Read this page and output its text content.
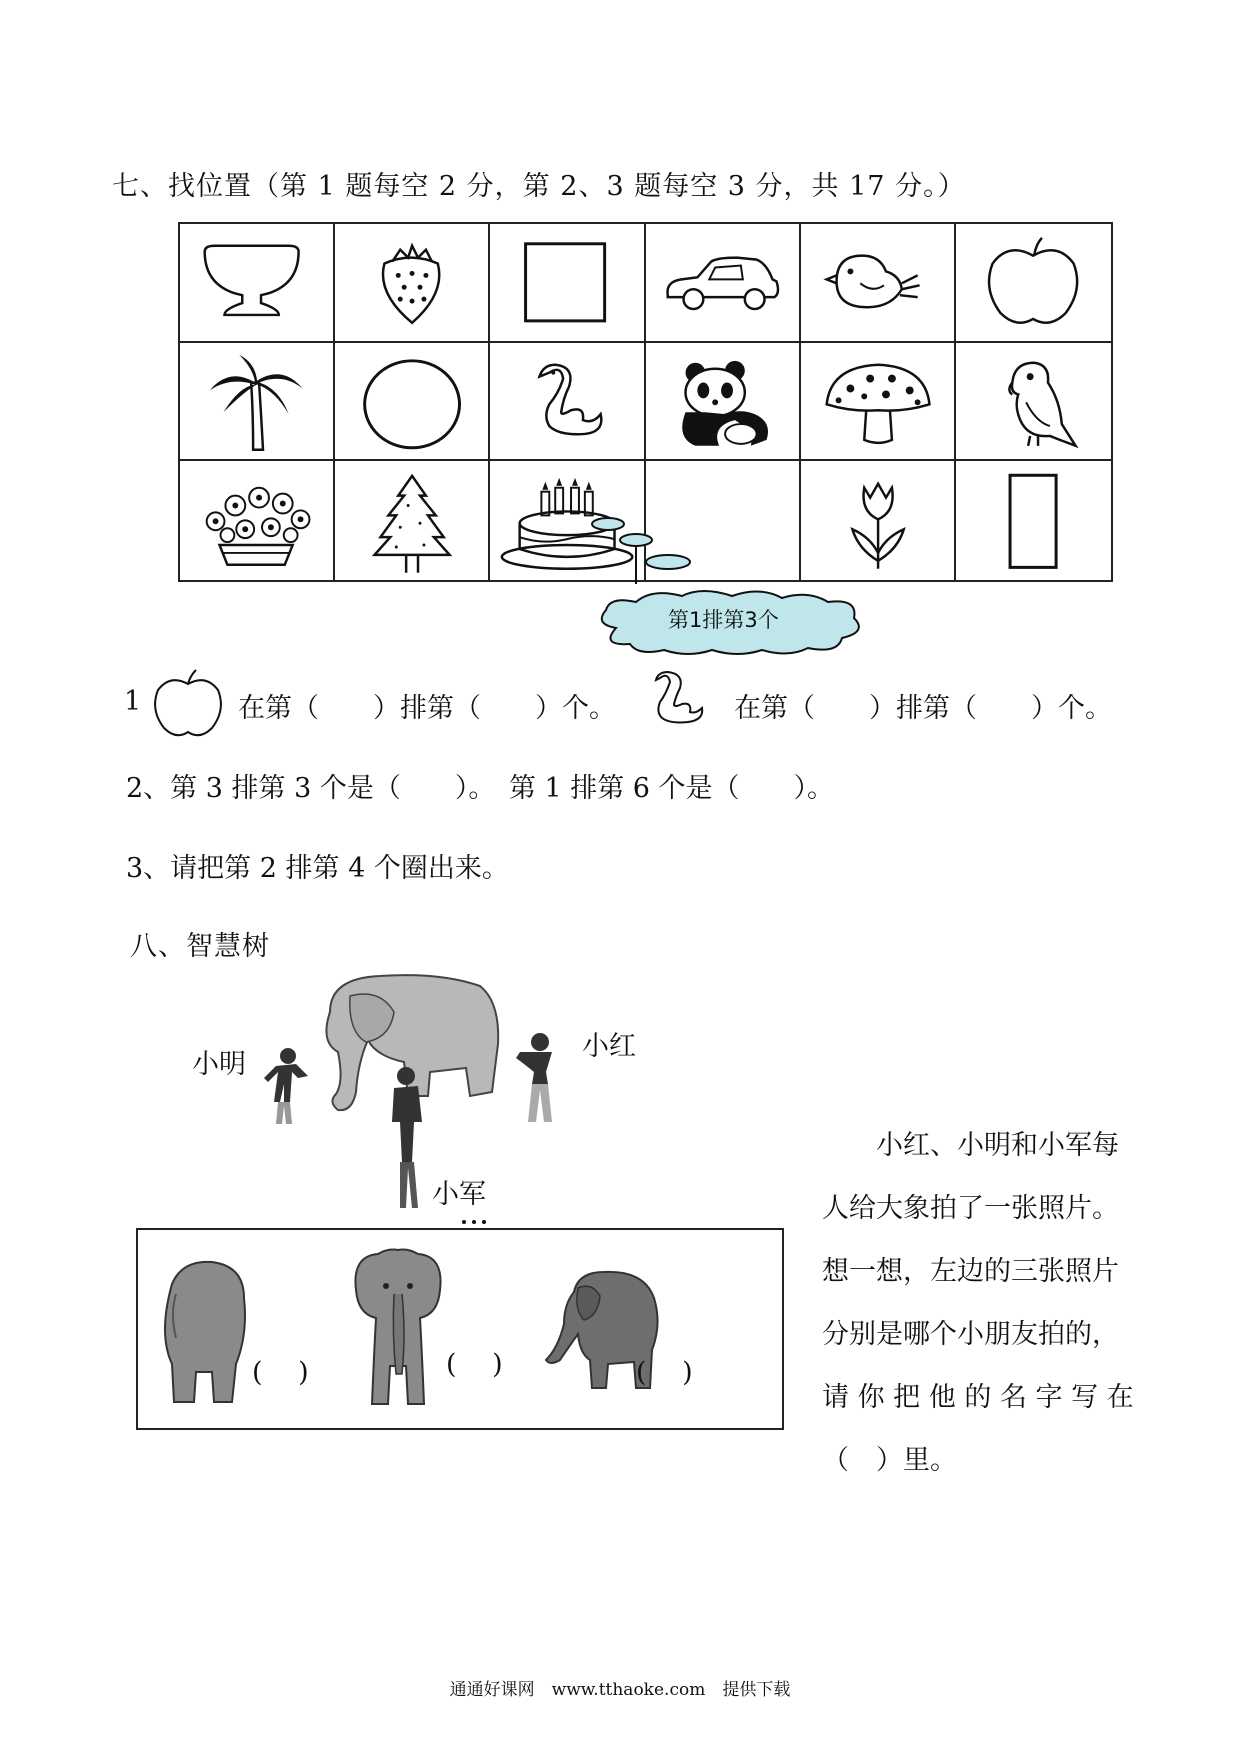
七、找位置（第 1 题每空 2 分，第 2、3 题每空 3 分，共 17 分。）
第1排第3个
1	在第（　　）排第（　　）个。	在第（　　）排第（　　）个。
2、第 3 排第 3 个是（　　）。　第 1 排第 6 个是（　　）。
3、请把第 2 排第 4 个圈出来。
八、智慧树
小明
小红
小军
(　 )	(　 )	(　 )
　　小红、小明和小军每
人给大象拍了一张照片。
想一想，左边的三张照片
分别是哪个小朋友拍的，
请 你 把 他 的 名 字 写 在
（　）里。
通通好课网　www.tthaoke.com　提供下载
